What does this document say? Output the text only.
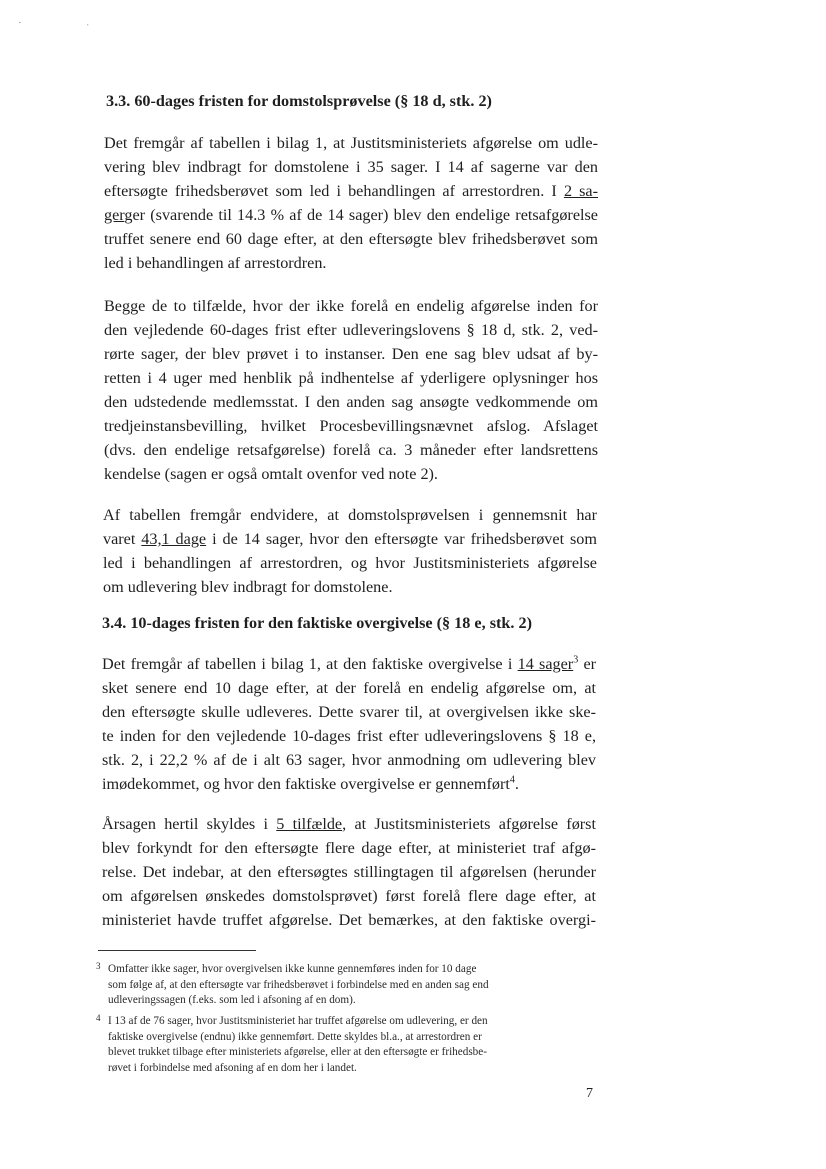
˙	ˌ
3.3. 60-dages fristen for domstolsprøvelse (§ 18 d, stk. 2)
Det fremgår af tabellen i bilag 1, at Justitsministeriets afgørelse om udle-
vering blev indbragt for domstolene i 35 sager. I 14 af sagerne var den
eftersøgte frihedsberøvet som led i behandlingen af arrestordren. I 2 sa-
gerger (svarende til 14.3 % af de 14 sager) blev den endelige retsafgørelse
truffet senere end 60 dage efter, at den eftersøgte blev frihedsberøvet som
led i behandlingen af arrestordren.
Begge de to tilfælde, hvor der ikke forelå en endelig afgørelse inden for
den vejledende 60-dages frist efter udleveringslovens § 18 d, stk. 2, ved-
rørte sager, der blev prøvet i to instanser. Den ene sag blev udsat af by-
retten i 4 uger med henblik på indhentelse af yderligere oplysninger hos
den udstedende medlemsstat. I den anden sag ansøgte vedkommende om
tredjeinstansbevilling, hvilket Procesbevillingsnævnet afslog. Afslaget
(dvs. den endelige retsafgørelse) forelå ca. 3 måneder efter landsrettens
kendelse (sagen er også omtalt ovenfor ved note 2).
Af tabellen fremgår endvidere, at domstolsprøvelsen i gennemsnit har
varet 43,1 dage i de 14 sager, hvor den eftersøgte var frihedsberøvet som
led i behandlingen af arrestordren, og hvor Justitsministeriets afgørelse
om udlevering blev indbragt for domstolene.
3.4. 10-dages fristen for den faktiske overgivelse (§ 18 e, stk. 2)
Det fremgår af tabellen i bilag 1, at den faktiske overgivelse i 14 sager$^3$ er
sket senere end 10 dage efter, at der forelå en endelig afgørelse om, at
den eftersøgte skulle udleveres. Dette svarer til, at overgivelsen ikke ske-
te inden for den vejledende 10-dages frist efter udleveringslovens § 18 e,
stk. 2, i 22,2 % af de i alt 63 sager, hvor anmodning om udlevering blev
imødekommet, og hvor den faktiske overgivelse er gennemført$^4$.
Årsagen hertil skyldes i 5 tilfælde, at Justitsministeriets afgørelse først
blev forkyndt for den eftersøgte flere dage efter, at ministeriet traf afgø-
relse. Det indebar, at den eftersøgtes stillingtagen til afgørelsen (herunder
om afgørelsen ønskedes domstolsprøvet) først forelå flere dage efter, at
ministeriet havde truffet afgørelse. Det bemærkes, at den faktiske overgi-
3 Omfatter ikke sager, hvor overgivelsen ikke kunne gennemføres inden for 10 dage
som følge af, at den eftersøgte var frihedsberøvet i forbindelse med en anden sag end
udleveringssagen (f.eks. som led i afsoning af en dom).
4 I 13 af de 76 sager, hvor Justitsministeriet har truffet afgørelse om udlevering, er den
faktiske overgivelse (endnu) ikke gennemført. Dette skyldes bl.a., at arrestordren er
blevet trukket tilbage efter ministeriets afgørelse, eller at den eftersøgte er frihedsbe-
røvet i forbindelse med afsoning af en dom her i landet.
7
